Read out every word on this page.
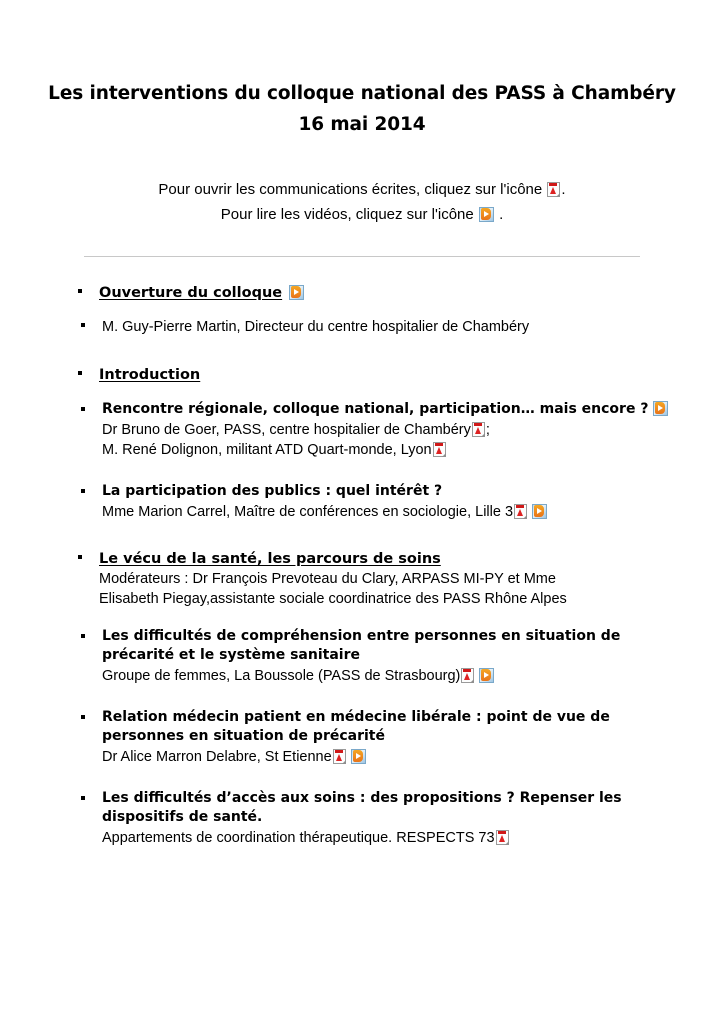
Les interventions du colloque national des PASS à Chambéry
16 mai 2014
Pour ouvrir les communications écrites, cliquez sur l'icône .
Pour lire les vidéos, cliquez sur l'icône .
Ouverture du colloque
M. Guy-Pierre Martin, Directeur du centre hospitalier de Chambéry
Introduction
Rencontre régionale, colloque national, participation… mais encore ?
Dr Bruno de Goer, PASS, centre hospitalier de Chambéry ;
M. René Dolignon, militant ATD Quart-monde, Lyon
La participation des publics : quel intérêt ?
Mme Marion Carrel, Maître de conférences en sociologie, Lille 3
Le vécu de la santé, les parcours de soins
Modérateurs : Dr François Prevoteau du Clary, ARPASS MI-PY et Mme
Elisabeth Piegay,assistante sociale coordinatrice des PASS Rhône Alpes
Les difficultés de compréhension entre personnes en situation de précarité et le système sanitaire
Groupe de femmes, La Boussole (PASS de Strasbourg)
Relation médecin patient en médecine libérale : point de vue de personnes en situation de précarité
Dr Alice Marron Delabre, St Etienne
Les difficultés d’accès aux soins : des propositions ? Repenser les dispositifs de santé.
Appartements de coordination thérapeutique. RESPECTS 73
